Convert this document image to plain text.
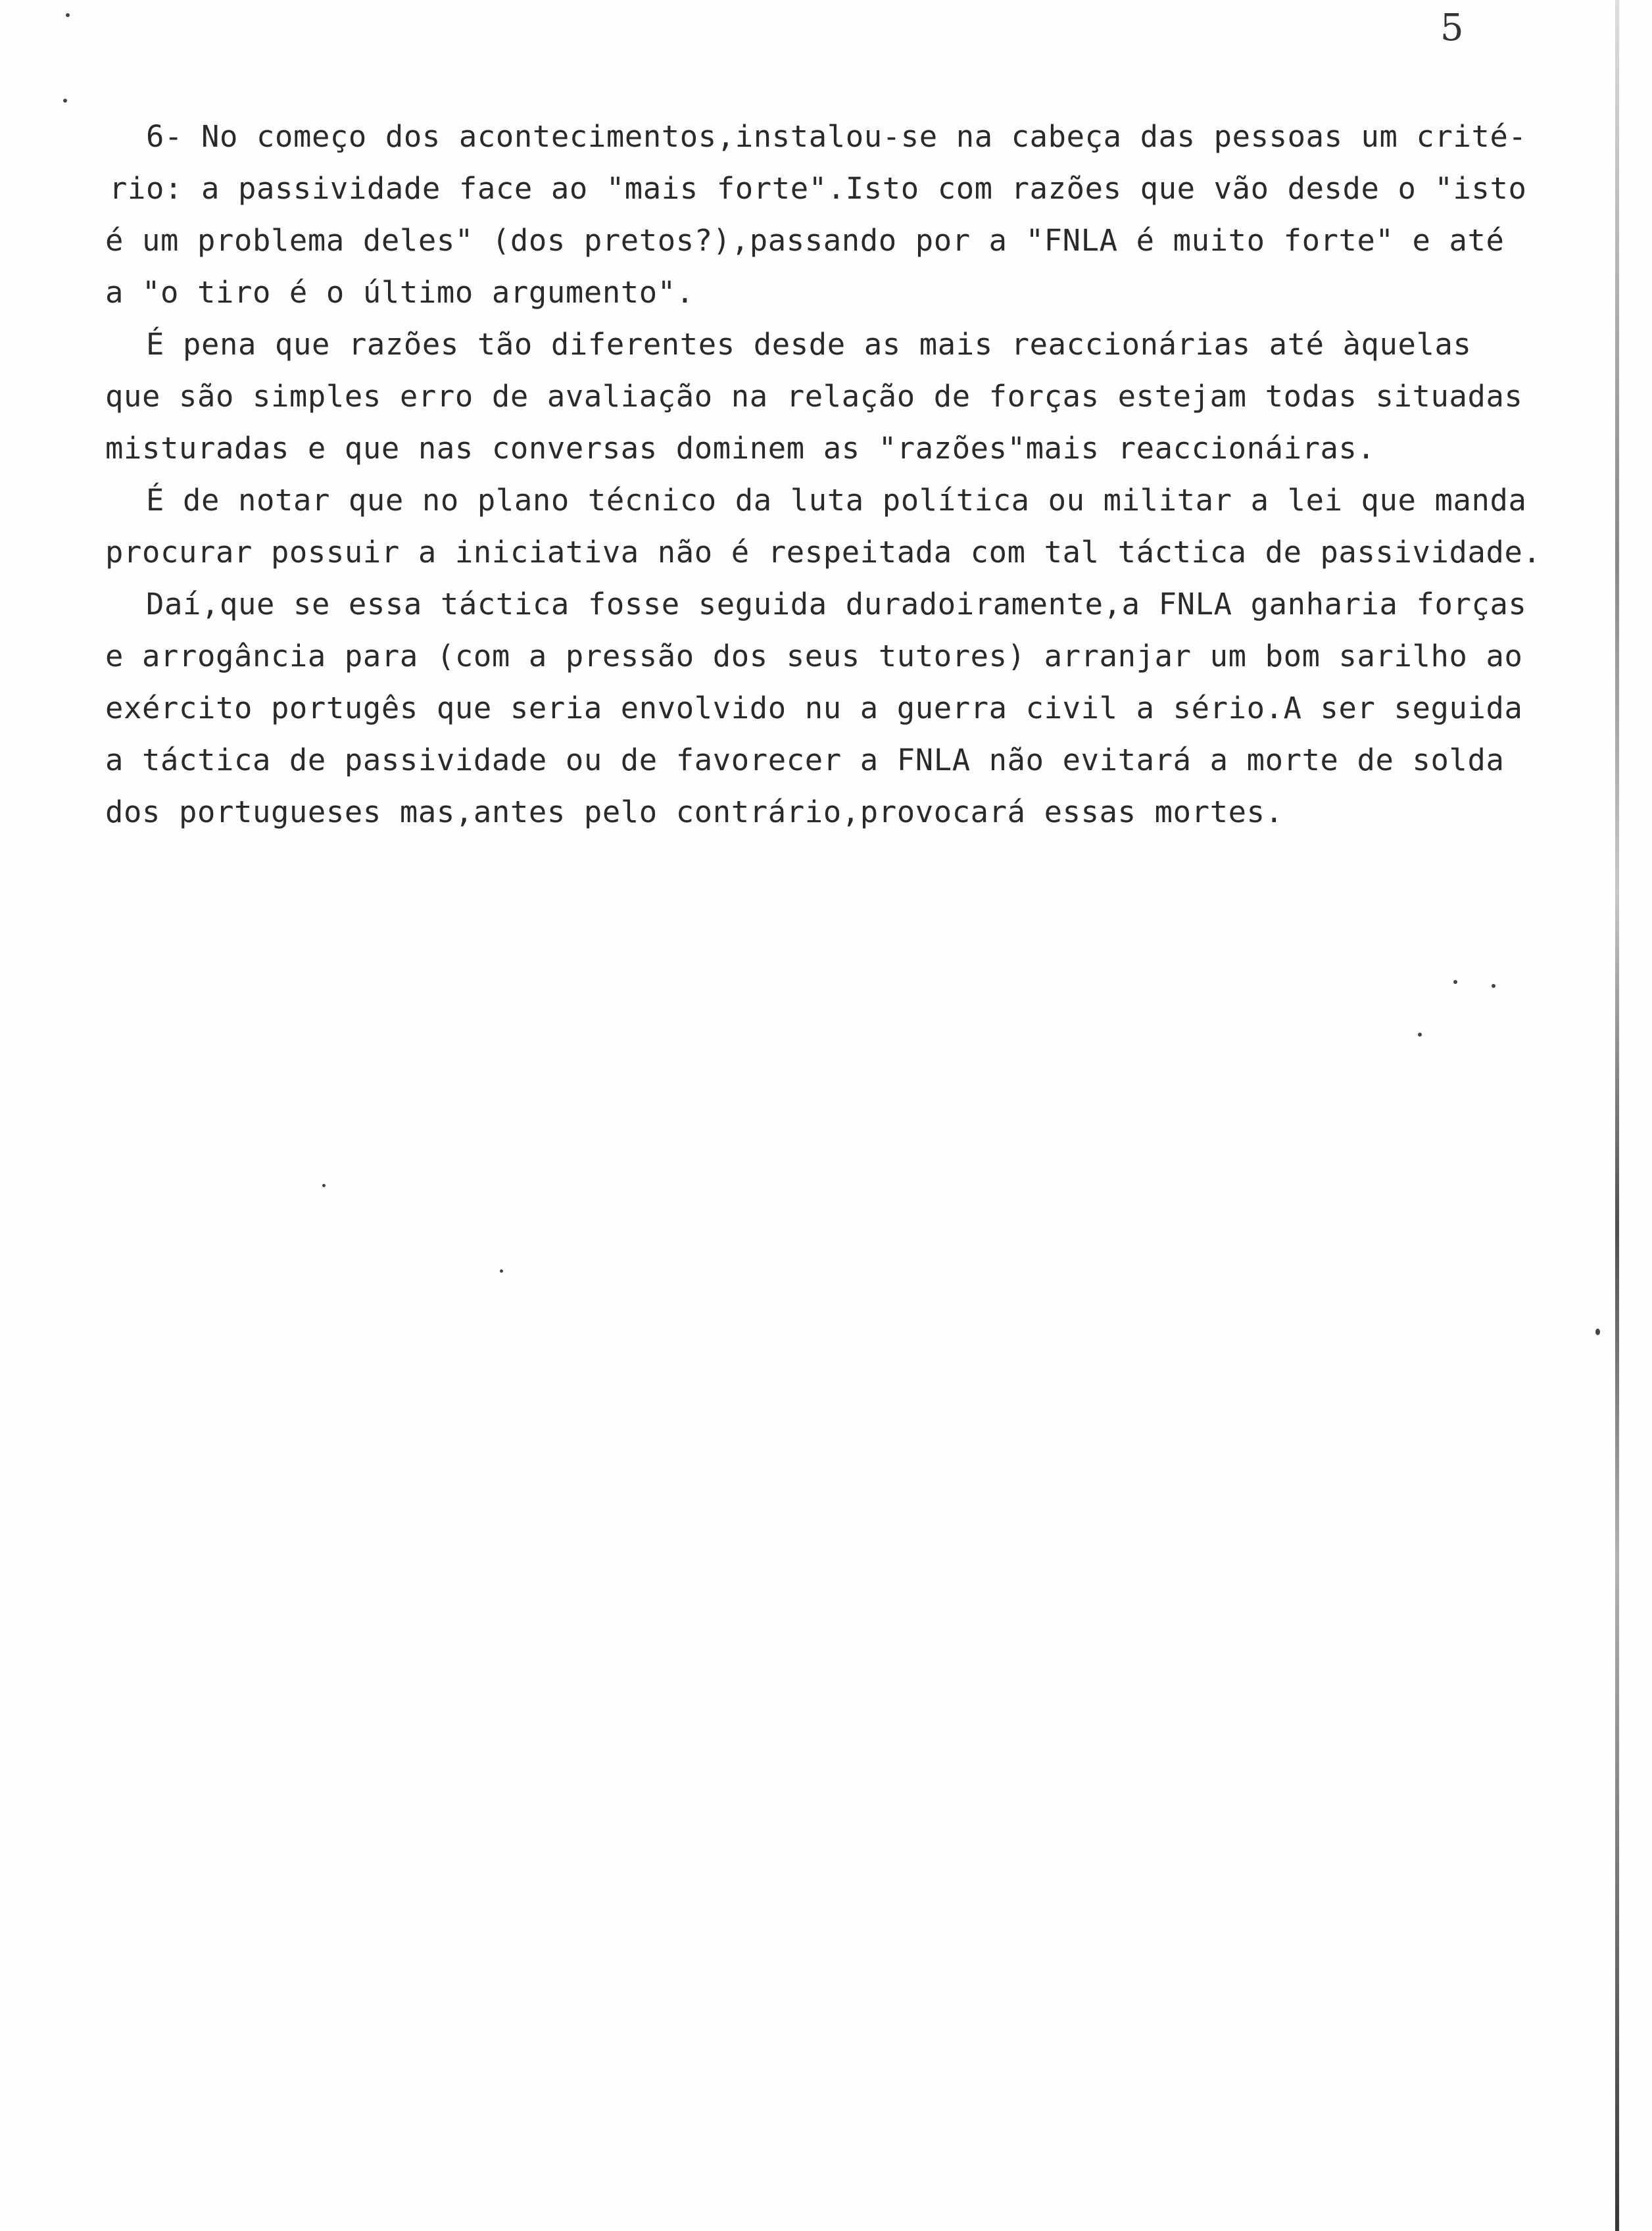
5
6- No começo dos acontecimentos,instalou-se na cabeça das pessoas um crité-
rio: a passividade face ao "mais forte".Isto com razões que vão desde o "isto
é um problema deles" (dos pretos?),passando por a "FNLA é muito forte" e até
a "o tiro é o último argumento".
É pena que razões tão diferentes desde as mais reaccionárias até àquelas
que são simples erro de avaliação na relação de forças estejam todas situadas
misturadas e que nas conversas dominem as "razões"mais reaccionáiras.
É de notar que no plano técnico da luta política ou militar a lei que manda
procurar possuir a iniciativa não é respeitada com tal táctica de passividade.
Daí,que se essa táctica fosse seguida duradoiramente,a FNLA ganharia forças
e arrogância para (com a pressão dos seus tutores) arranjar um bom sarilho ao
exército portugês que seria envolvido nu a guerra civil a sério.A ser seguida
a táctica de passividade ou de favorecer a FNLA não evitará a morte de solda
dos portugueses mas,antes pelo contrário,provocará essas mortes.
